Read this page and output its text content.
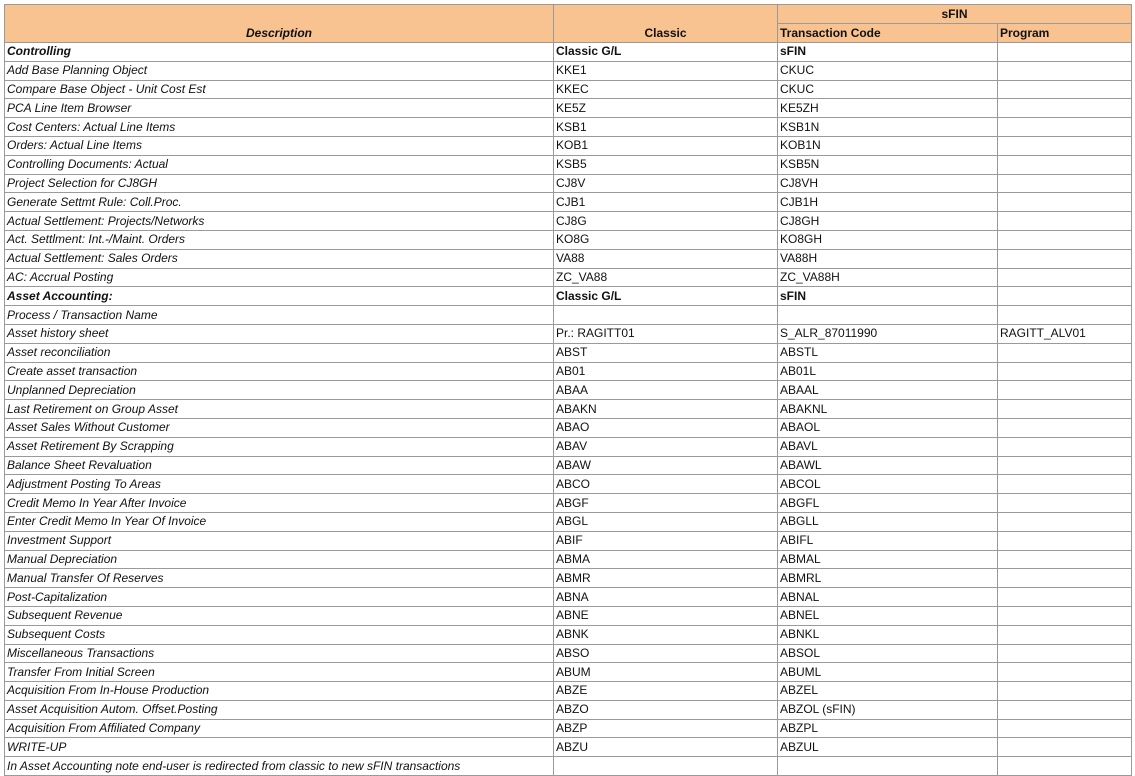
Description	Classic	sFIN	
		Transaction Code	Program
Controlling	Classic G/L	sFIN	
Add Base Planning Object	KKE1	CKUC	
Compare Base Object - Unit Cost Est	KKEC	CKUC	
PCA Line Item Browser	KE5Z	KE5ZH	
Cost Centers: Actual Line Items	KSB1	KSB1N	
Orders: Actual Line Items	KOB1	KOB1N	
Controlling Documents: Actual	KSB5	KSB5N	
Project Selection for CJ8GH	CJ8V	CJ8VH	
Generate Settmt Rule: Coll.Proc.	CJB1	CJB1H	
Actual Settlement: Projects/Networks	CJ8G	CJ8GH	
Act. Settlment: Int.-/Maint. Orders	KO8G	KO8GH	
Actual Settlement: Sales Orders	VA88	VA88H	
AC: Accrual Posting	ZC_VA88	ZC_VA88H	
Asset Accounting:	Classic G/L	sFIN	
Process / Transaction Name			
Asset history sheet	Pr.: RAGITT01	S_ALR_87011990	RAGITT_ALV01
Asset reconciliation	ABST	ABSTL	
Create asset transaction	AB01	AB01L	
Unplanned Depreciation	ABAA	ABAAL	
Last Retirement on Group Asset	ABAKN	ABAKNL	
Asset Sales Without Customer	ABAO	ABAOL	
Asset Retirement By Scrapping	ABAV	ABAVL	
Balance Sheet Revaluation	ABAW	ABAWL	
Adjustment Posting To Areas	ABCO	ABCOL	
Credit Memo In Year After Invoice	ABGF	ABGFL	
Enter Credit Memo In Year Of Invoice	ABGL	ABGLL	
Investment Support	ABIF	ABIFL	
Manual Depreciation	ABMA	ABMAL	
Manual Transfer Of Reserves	ABMR	ABMRL	
Post-Capitalization	ABNA	ABNAL	
Subsequent Revenue	ABNE	ABNEL	
Subsequent Costs	ABNK	ABNKL	
Miscellaneous Transactions	ABSO	ABSOL	
Transfer From Initial Screen	ABUM	ABUML	
Acquisition From In-House Production	ABZE	ABZEL	
Asset Acquisition Autom. Offset.Posting	ABZO	ABZOL (sFIN)	
Acquisition From Affiliated Company	ABZP	ABZPL	
WRITE-UP	ABZU	ABZUL	
In Asset Accounting note end-user is redirected from classic to new sFIN transactions			
